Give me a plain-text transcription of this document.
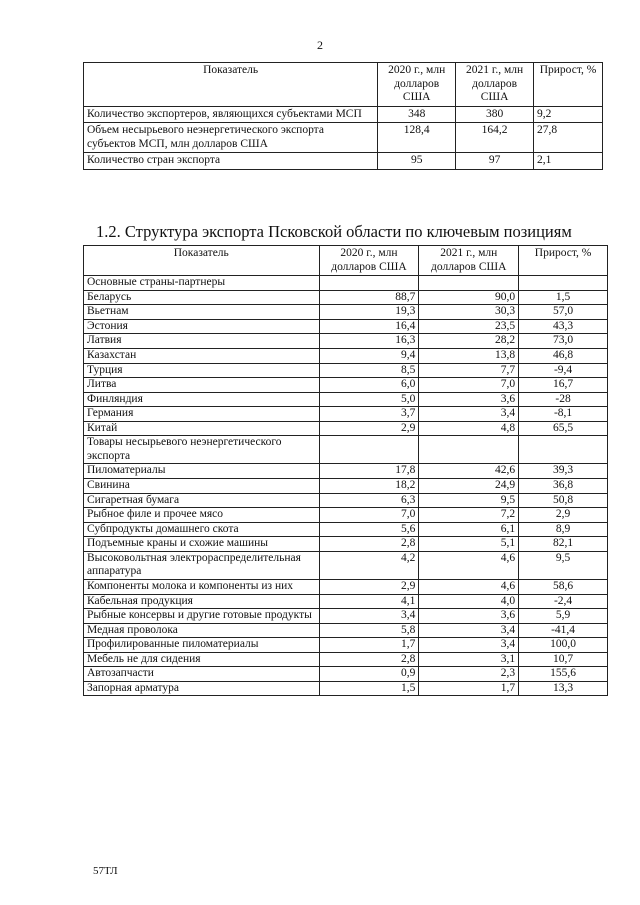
2
Показатель	2020 г., млн долларов США	2021 г., млн долларов США	Прирост, %
Количество экспортеров, являющихся субъектами МСП	348	380	9,2
Объем несырьевого неэнергетического экспорта субъектов МСП, млн долларов США	128,4	164,2	27,8
Количество стран экспорта	95	97	2,1
1.2. Структура экспорта Псковской области по ключевым позициям
Показатель	2020 г., млн долларов США	2021 г., млн долларов США	Прирост, %
Основные страны-партнеры			
Беларусь	88,7	90,0	1,5
Вьетнам	19,3	30,3	57,0
Эстония	16,4	23,5	43,3
Латвия	16,3	28,2	73,0
Казахстан	9,4	13,8	46,8
Турция	8,5	7,7	-9,4
Литва	6,0	7,0	16,7
Финляндия	5,0	3,6	-28
Германия	3,7	3,4	-8,1
Китай	2,9	4,8	65,5
Товары несырьевого неэнергетического экспорта			
Пиломатериалы	17,8	42,6	39,3
Свинина	18,2	24,9	36,8
Сигаретная бумага	6,3	9,5	50,8
Рыбное филе и прочее мясо	7,0	7,2	2,9
Субпродукты домашнего скота	5,6	6,1	8,9
Подъемные краны и схожие машины	2,8	5,1	82,1
Высоковольтная электрораспределительная аппаратура	4,2	4,6	9,5
Компоненты молока и компоненты из них	2,9	4,6	58,6
Кабельная продукция	4,1	4,0	-2,4
Рыбные консервы и другие готовые продукты	3,4	3,6	5,9
Медная проволока	5,8	3,4	-41,4
Профилированные пиломатериалы	1,7	3,4	100,0
Мебель не для сидения	2,8	3,1	10,7
Автозапчасти	0,9	2,3	155,6
Запорная арматура	1,5	1,7	13,3
57ТЛ
